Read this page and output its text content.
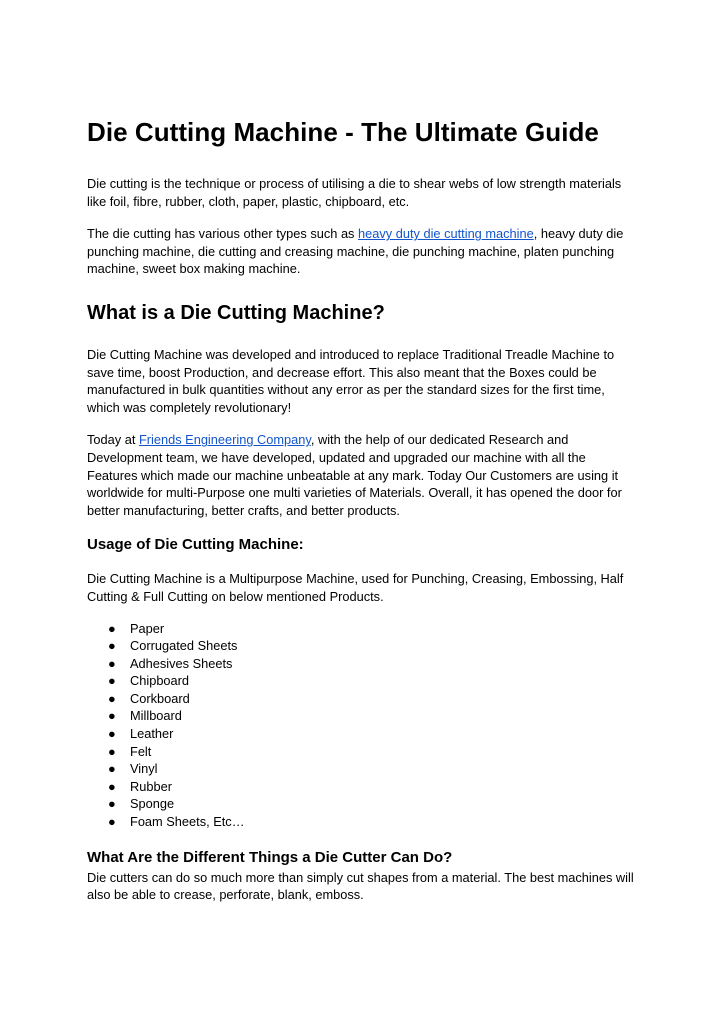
Die Cutting Machine - The Ultimate Guide

Die cutting is the technique or process of utilising a die to shear webs of low strength materials like foil, fibre, rubber, cloth, paper, plastic, chipboard, etc.

The die cutting has various other types such as heavy duty die cutting machine, heavy duty die punching machine, die cutting and creasing machine, die punching machine, platen punching machine, sweet box making machine.

What is a Die Cutting Machine?

Die Cutting Machine was developed and introduced to replace Traditional Treadle Machine to save time, boost Production, and decrease effort. This also meant that the Boxes could be manufactured in bulk quantities without any error as per the standard sizes for the first time, which was completely revolutionary!

Today at Friends Engineering Company, with the help of our dedicated Research and Development team, we have developed, updated and upgraded our machine with all the Features which made our machine unbeatable at any mark. Today Our Customers are using it worldwide for multi-Purpose one multi varieties of Materials. Overall, it has opened the door for better manufacturing, better crafts, and better products.

Usage of Die Cutting Machine:

Die Cutting Machine is a Multipurpose Machine, used for Punching, Creasing, Embossing, Half Cutting & Full Cutting on below mentioned Products.

● Paper
● Corrugated Sheets
● Adhesives Sheets
● Chipboard
● Corkboard
● Millboard
● Leather
● Felt
● Vinyl
● Rubber
● Sponge
● Foam Sheets, Etc…
What Are the Different Things a Die Cutter Can Do?

Die cutters can do so much more than simply cut shapes from a material. The best machines will also be able to crease, perforate, blank, emboss.
